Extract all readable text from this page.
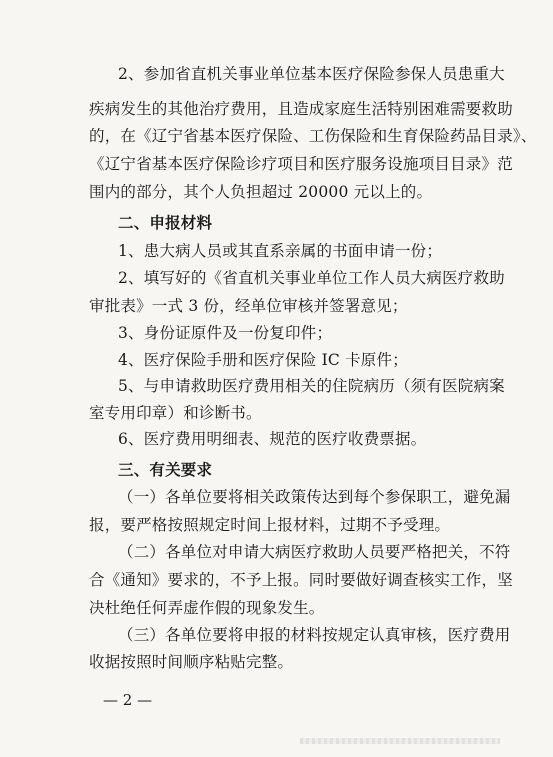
2、参加省直机关事业单位基本医疗保险参保人员患重大
疾病发生的其他治疗费用，且造成家庭生活特别困难需要救助
的，在《辽宁省基本医疗保险、工伤保险和生育保险药品目录》、
《辽宁省基本医疗保险诊疗项目和医疗服务设施项目目录》范
围内的部分，其个人负担超过 20000 元以上的。
二、申报材料
1、患大病人员或其直系亲属的书面申请一份；
2、填写好的《省直机关事业单位工作人员大病医疗救助
审批表》一式 3 份，经单位审核并签署意见；
3、身份证原件及一份复印件；
4、医疗保险手册和医疗保险 IC 卡原件；
5、与申请救助医疗费用相关的住院病历（须有医院病案
室专用印章）和诊断书。
6、医疗费用明细表、规范的医疗收费票据。
三、有关要求
（一）各单位要将相关政策传达到每个参保职工，避免漏
报，要严格按照规定时间上报材料，过期不予受理。
（二）各单位对申请大病医疗救助人员要严格把关，不符
合《通知》要求的，不予上报。同时要做好调查核实工作，坚
决杜绝任何弄虚作假的现象发生。
（三）各单位要将申报的材料按规定认真审核，医疗费用
收据按照时间顺序粘贴完整。
— 2 —
